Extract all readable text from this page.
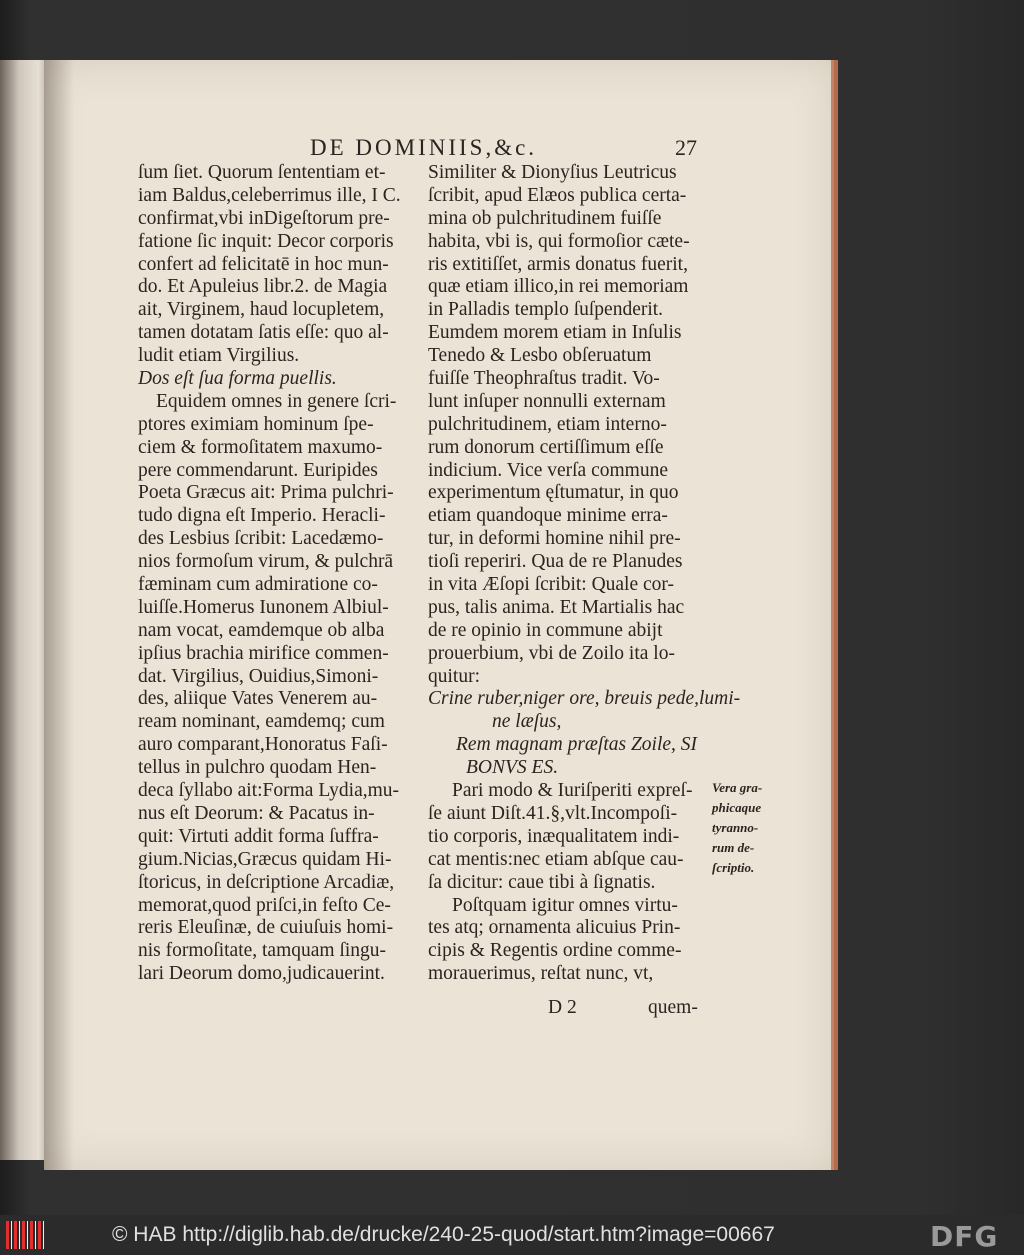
DE DOMINIIS,&c.	27
ſum ſiet. Quorum ſententiam et-
iam Baldus,celeberrimus ille, I C.
confirmat,vbi inDigeſtorum pre-
fatione ſic inquit: Decor corporis
confert ad felicitatē in hoc mun-
do. Et Apuleius libr.2. de Magia
ait, Virginem, haud locupletem,
tamen dotatam ſatis eſſe: quo al-
ludit etiam Virgilius.
Dos eſt ſua forma puellis.
Equidem omnes in genere ſcri-
ptores eximiam hominum ſpe-
ciem & formoſitatem maxumo-
pere commendarunt. Euripides
Poeta Græcus ait: Prima pulchri-
tudo digna eſt Imperio. Heracli-
des Lesbius ſcribit: Lacedæmo-
nios formoſum virum, & pulchrā
fæminam cum admiratione co-
luiſſe.Homerus Iunonem Albiul-
nam vocat, eamdemque ob alba
ipſius brachia mirifice commen-
dat. Virgilius, Ouidius,Simoni-
des, aliique Vates Venerem au-
ream nominant, eamdemq; cum
auro comparant,Honoratus Faſi-
tellus in pulchro quodam Hen-
deca ſyllabo ait:Forma Lydia,mu-
nus eſt Deorum: & Pacatus in-
quit: Virtuti addit forma ſuffra-
gium.Nicias,Græcus quidam Hi-
ſtoricus, in deſcriptione Arcadiæ,
memorat,quod priſci,in feſto Ce-
reris Eleuſinæ, de cuiuſuis homi-
nis formoſitate, tamquam ſingu-
lari Deorum domo,judicauerint.
Similiter & Dionyſius Leutricus
ſcribit, apud Elæos publica certa-
mina ob pulchritudinem fuiſſe
habita, vbi is, qui formoſior cæte-
ris extitiſſet, armis donatus fuerit,
quæ etiam illico,in rei memoriam
in Palladis templo ſuſpenderit.
Eumdem morem etiam in Inſulis
Tenedo & Lesbo obſeruatum
fuiſſe Theophraſtus tradit. Vo-
lunt inſuper nonnulli externam
pulchritudinem, etiam interno-
rum donorum certiſſimum eſſe
indicium. Vice verſa commune
experimentum ęſtumatur, in quo
etiam quandoque minime erra-
tur, in deformi homine nihil pre-
tioſi reperiri. Qua de re Planudes
in vita Æſopi ſcribit: Quale cor-
pus, talis anima. Et Martialis hac
de re opinio in commune abijt
prouerbium, vbi de Zoilo ita lo-
quitur:
Crine ruber,niger ore, breuis pede,lumi-
ne læſus,
Rem magnam præſtas Zoile, SI
BONVS ES.
Pari modo & Iuriſperiti expreſ-
ſe aiunt Diſt.41.§,vlt.Incompoſi-
tio corporis, inæqualitatem indi-
cat mentis:nec etiam abſque cau-
ſa dicitur: caue tibi à ſignatis.
Poſtquam igitur omnes virtu-
tes atq; ornamenta alicuius Prin-
cipis & Regentis ordine comme-
morauerimus, reſtat nunc, vt,
Vera gra-
phicaque
tyranno-
rum de-
ſcriptio.
D 2	quem-
© HAB http://diglib.hab.de/drucke/240-25-quod/start.htm?image=00667	DFG
